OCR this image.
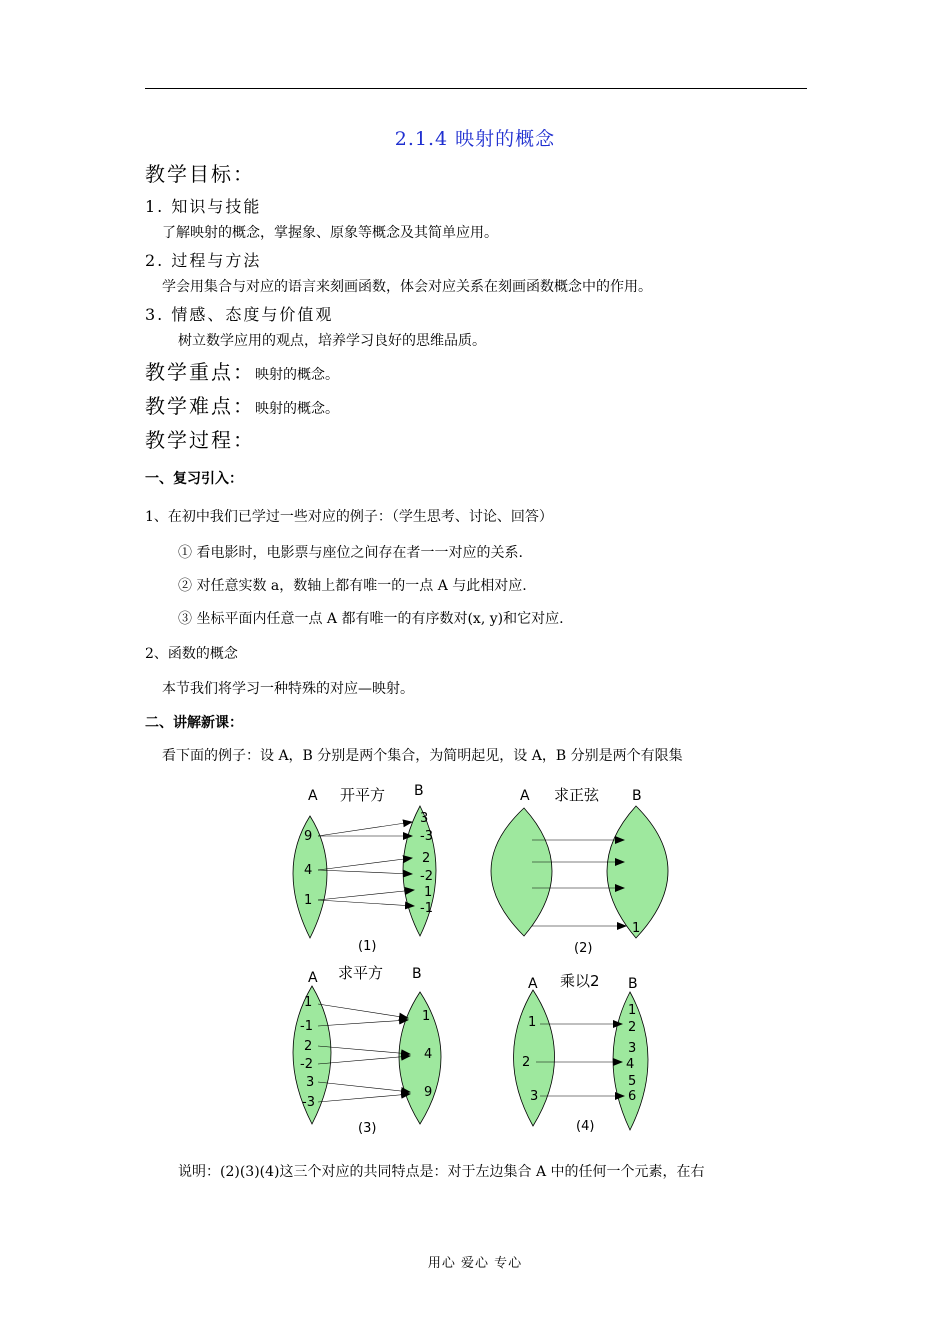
2.1.4 映射的概念
教学目标：
1. 知识与技能
了解映射的概念，掌握象、原象等概念及其简单应用。
2. 过程与方法
学会用集合与对应的语言来刻画函数，体会对应关系在刻画函数概念中的作用。
3. 情感、态度与价值观
树立数学应用的观点，培养学习良好的思维品质。
教学重点：映射的概念。
教学难点：映射的概念。
教学过程：
一、复习引入：
1、在初中我们已学过一些对应的例子：（学生思考、讨论、回答）
① 看电影时，电影票与座位之间存在者一一对应的关系.
② 对任意实数 a，数轴上都有唯一的一点 A 与此相对应.
③ 坐标平面内任意一点 A 都有唯一的有序数对(x, y)和它对应.
2、函数的概念
本节我们将学习一种特殊的对应—映射。
二、讲解新课：
看下面的例子：设 A，B 分别是两个集合，为简明起见，设 A，B 分别是两个有限集
A	B
开平方
9
4
1
3
-3
2
-2
1
-1
(1)
A	B
求正弦
1
(2)
A	B
求平方
1
-1
2
-2
3
-3
1
4
9
(3)
A	B
乘以2
1
2
3
1
2
3
4
5
6
(4)
说明：(2)(3)(4)这三个对应的共同特点是：对于左边集合 A 中的任何一个元素，在右
用心 爱心 专心
